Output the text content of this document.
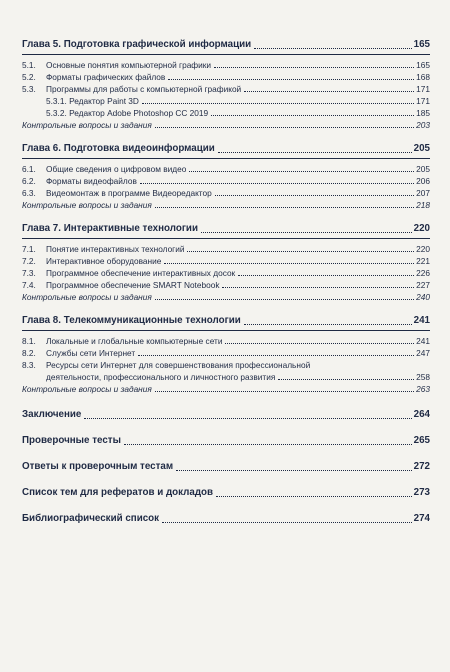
Глава 5. Подготовка графической информации	165
5.1.	Основные понятия компьютерной графики	165
5.2.	Форматы графических файлов	168
5.3.	Программы для работы с компьютерной графикой	171
5.3.1. Редактор Paint 3D	171
5.3.2. Редактор Adobe Photoshop CC 2019	185
Контрольные вопросы и задания	203
Глава 6. Подготовка видеоинформации	205
6.1.	Общие сведения о цифровом видео	205
6.2.	Форматы видеофайлов	206
6.3.	Видеомонтаж в программе Видеоредактор	207
Контрольные вопросы и задания	218
Глава 7. Интерактивные технологии	220
7.1.	Понятие интерактивных технологий	220
7.2.	Интерактивное оборудование	221
7.3.	Программное обеспечение интерактивных досок	226
7.4.	Программное обеспечение SMART Notebook	227
Контрольные вопросы и задания	240
Глава 8. Телекоммуникационные технологии	241
8.1.	Локальные и глобальные компьютерные сети	241
8.2.	Службы сети Интернет	247
8.3.	Ресурсы сети Интернет для совершенствования профессиональной
деятельности, профессионального и личностного развития	258
Контрольные вопросы и задания	263
Заключение	264
Проверочные тесты	265
Ответы к проверочным тестам	272
Список тем для рефератов и докладов	273
Библиографический список	274
